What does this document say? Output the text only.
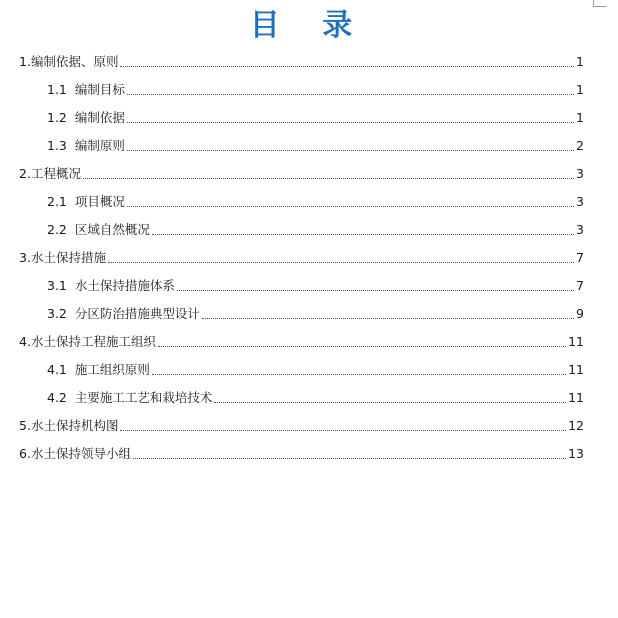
目 录
1.编制依据、原则	1
1.1 编制目标	1
1.2 编制依据	1
1.3 编制原则	2
2.工程概况	3
2.1 项目概况	3
2.2 区域自然概况	3
3.水土保持措施	7
3.1 水土保持措施体系	7
3.2 分区防治措施典型设计	9
4.水土保持工程施工组织	11
4.1 施工组织原则	11
4.2 主要施工工艺和栽培技术	11
5.水土保持机构图	12
6.水土保持领导小组	13
